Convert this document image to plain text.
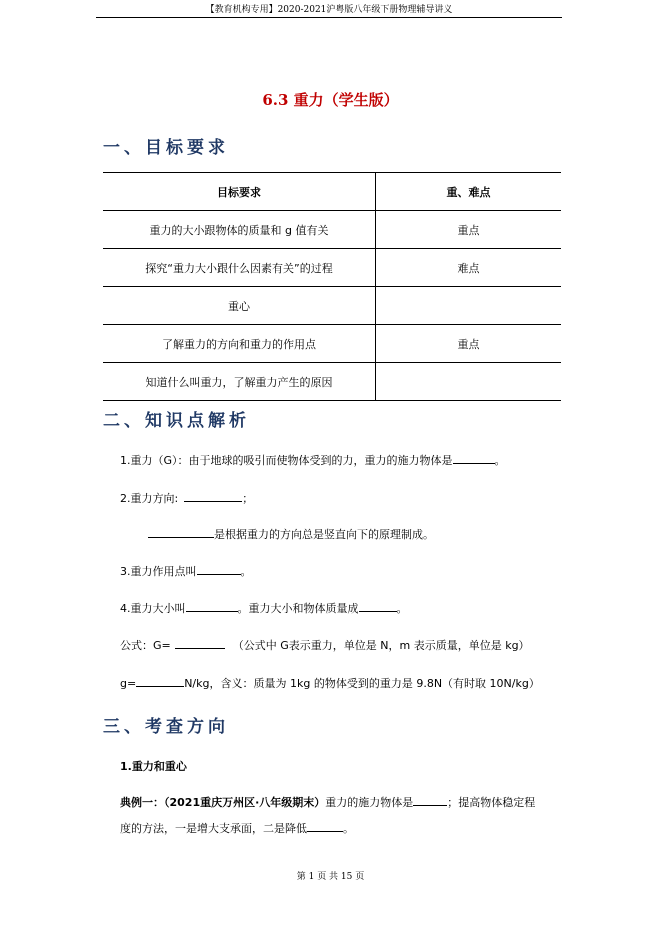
【教育机构专用】2020-2021沪粤版八年级下册物理辅导讲义
6.3 重力（学生版）
一、目标要求
目标要求	重、难点
重力的大小跟物体的质量和 g 值有关	重点
探究“重力大小跟什么因素有关”的过程	难点
重心	
了解重力的方向和重力的作用点	重点
知道什么叫重力，了解重力产生的原因	
二、知识点解析
1.重力（G）：由于地球的吸引而使物体受到的力，重力的施力物体是	。
2.重力方向:	；
是根据重力的方向总是竖直向下的原理制成。
3.重力作用点叫	。
4.重力大小叫	。重力大小和物体质量成	。
公式：G=	（公式中 G表示重力，单位是 N，m 表示质量，单位是 kg）
g=	N/kg，含义：质量为 1kg 的物体受到的重力是 9.8N（有时取 10N/kg）
三、考查方向
1.重力和重心
典例一：（2021重庆万州区·八年级期末）重力的施力物体是	；提高物体稳定程
度的方法，一是增大支承面，二是降低	。
第 1 页 共 15 页
